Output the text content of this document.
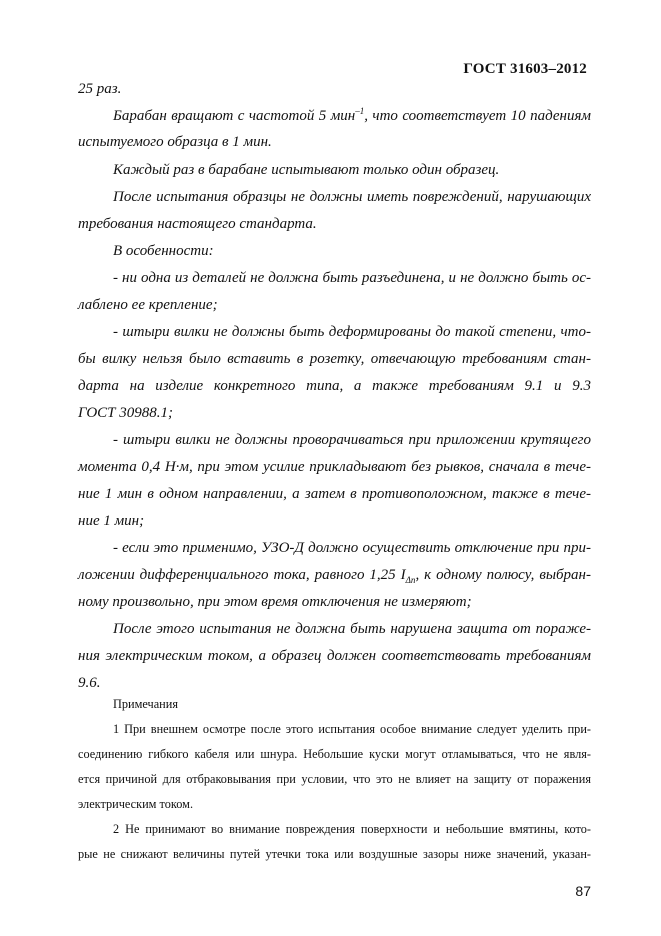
ГОСТ 31603–2012
25 раз.
Барабан вращают с частотой 5 мин$^{-1}$, что соответствует 10 падениям
испытуемого образца в 1 мин.
Каждый раз в барабане испытывают только один образец.
После испытания образцы не должны иметь повреждений, нарушающих
требования настоящего стандарта.
В особенности:
- ни одна из деталей не должна быть разъединена, и не должно быть ос-
лаблено ее крепление;
- штыри вилки не должны быть деформированы до такой степени, что-
бы вилку нельзя было вставить в розетку, отвечающую требованиям стан-
дарта на изделие конкретного типа, а также требованиям 9.1 и 9.3
ГОСТ 30988.1;
- штыри вилки не должны проворачиваться при приложении крутящего
момента 0,4 Н·м, при этом усилие прикладывают без рывков, сначала в тече-
ние 1 мин в одном направлении, а затем в противоположном, также в тече-
ние 1 мин;
- если это применимо, УЗО-Д должно осуществить отключение при при-
ложении дифференциального тока, равного 1,25 $I_{\Delta n}$, к одному полюсу, выбран-
ному произвольно, при этом время отключения не измеряют;
После этого испытания не должна быть нарушена защита от пораже-
ния электрическим током, а образец должен соответствовать требованиям
9.6.
Примечания
1 При внешнем осмотре после этого испытания особое внимание следует уделить при-
соединению гибкого кабеля или шнура. Небольшие куски могут отламываться, что не явля-
ется причиной для отбраковывания при условии, что это не влияет на защиту от поражения
электрическим током.
2 Не принимают во внимание повреждения поверхности и небольшие вмятины, кото-
рые не снижают величины путей утечки тока или воздушные зазоры ниже значений, указан-
87
